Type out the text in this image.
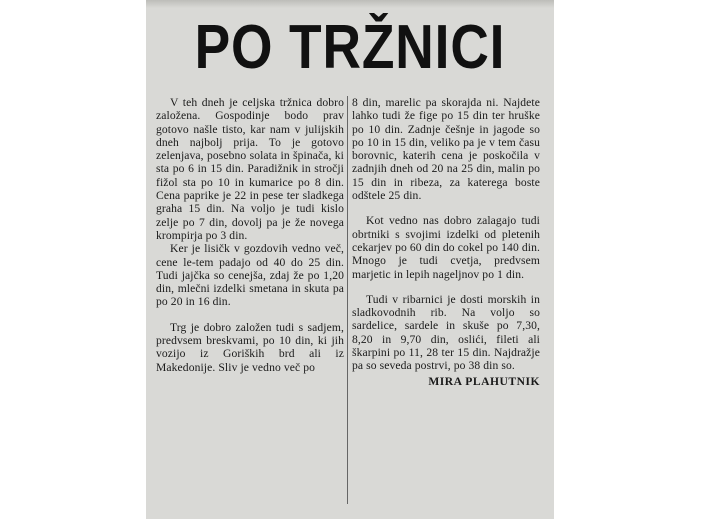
PO TRŽNICI

V teh dneh je celjska tržnica dobro založena. Gospodinje bodo prav gotovo našle tisto, kar nam v julijskih dneh najbolj prija. To je gotovo zelenjava, posebno solata in špinača, ki sta po 6 in 15 din. Paradižnik in stročji fižol sta po 10 in kumarice po 8 din. Cena paprike je 22 in pese ter sladkega graha 15 din. Na voljo je tudi kislo zelje po 7 din, dovolj pa je že novega krompirja po 3 din.

Ker je lisičk v gozdovih vedno več, cene le-tem padajo od 40 do 25 din. Tudi jajčka so cenejša, zdaj že po 1,20 din, mlečni izdelki smetana in skuta pa po 20 in 16 din.

Trg je dobro založen tudi s sadjem, predvsem breskvami, po 10 din, ki jih vozijo iz Goriških brd ali iz Makedonije. Sliv je vedno več po

8 din, marelic pa skorajda ni. Najdete lahko tudi že fige po 15 din ter hruške po 10 din. Zadnje češnje in jagode so po 10 in 15 din, veliko pa je v tem času borovnic, katerih cena je poskočila v zadnjih dneh od 20 na 25 din, malin po 15 din in ribeza, za katerega boste odštele 25 din.

Kot vedno nas dobro zalagajo tudi obrtniki s svojimi izdelki od pletenih cekarjev po 60 din do cokel po 140 din. Mnogo je tudi cvetja, predvsem marjetic in lepih nageljnov po 1 din.

Tudi v ribarnici je dosti morskih in sladkovodnih rib. Na voljo so sardelice, sardele in skuše po 7,30, 8,20 in 9,70 din, oslići, fileti ali škarpini po 11, 28 ter 15 din. Najdražje pa so seveda postrvi, po 38 din so.

MIRA PLAHUTNIK
